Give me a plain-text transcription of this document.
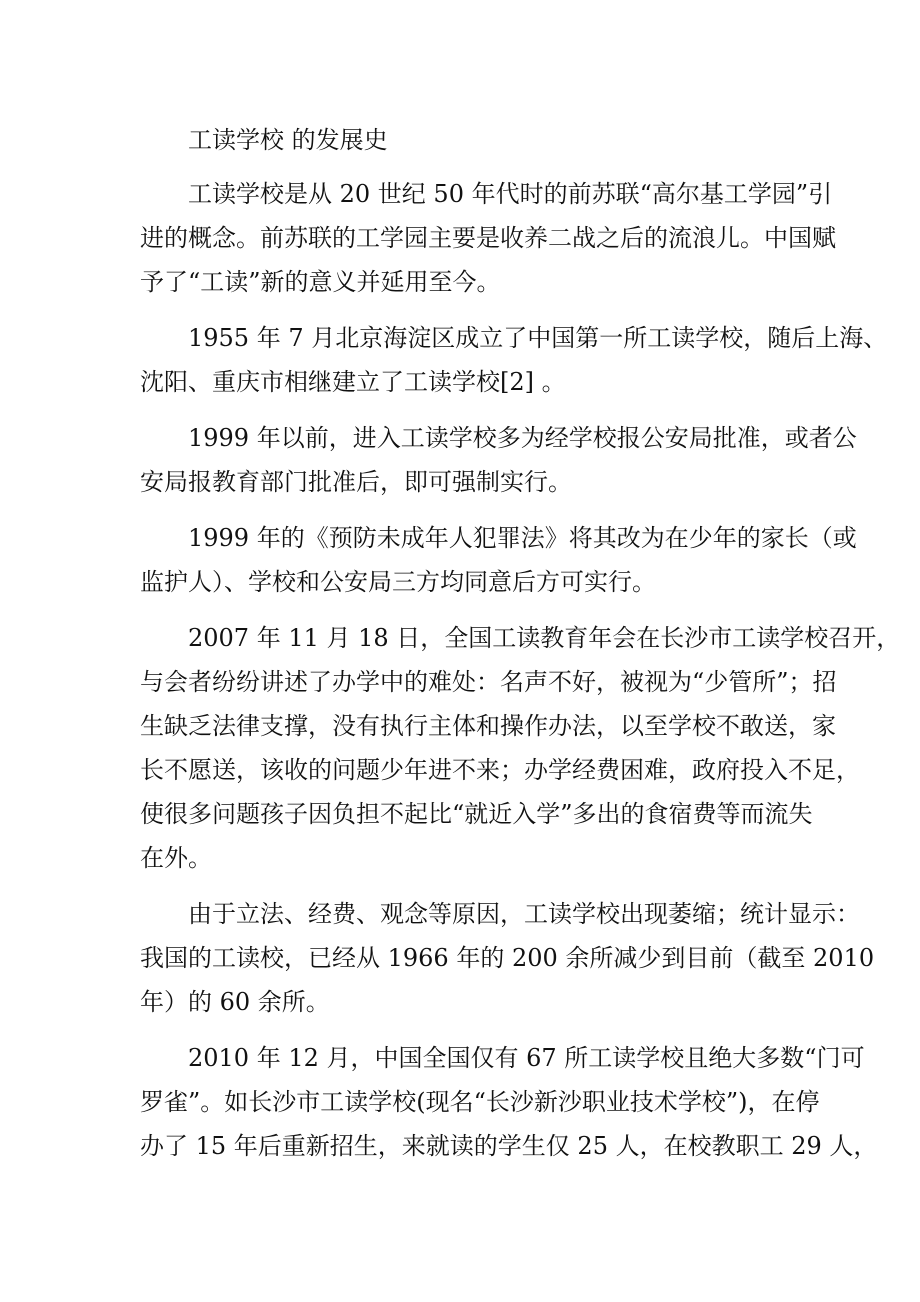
工读学校 的发展史
工读学校是从 20 世纪 50 年代时的前苏联“高尔基工学园”引
进的概念。前苏联的工学园主要是收养二战之后的流浪儿。中国赋
予了“工读”新的意义并延用至今。
1955 年 7 月北京海淀区成立了中国第一所工读学校，随后上海、
沈阳、重庆市相继建立了工读学校[2] 。
1999 年以前，进入工读学校多为经学校报公安局批准，或者公
安局报教育部门批准后，即可强制实行。
1999 年的《预防未成年人犯罪法》将其改为在少年的家长（或
监护人）、学校和公安局三方均同意后方可实行。
2007 年 11 月 18 日，全国工读教育年会在长沙市工读学校召开，
与会者纷纷讲述了办学中的难处：名声不好，被视为“少管所”；招
生缺乏法律支撑，没有执行主体和操作办法，以至学校不敢送，家
长不愿送，该收的问题少年进不来；办学经费困难，政府投入不足，
使很多问题孩子因负担不起比“就近入学”多出的食宿费等而流失
在外。
由于立法、经费、观念等原因，工读学校出现萎缩；统计显示：
我国的工读校，已经从 1966 年的 200 余所减少到目前（截至 2010
年）的 60 余所。
2010 年 12 月，中国全国仅有 67 所工读学校且绝大多数“门可
罗雀”。如长沙市工读学校(现名“长沙新沙职业技术学校”)，在停
办了 15 年后重新招生，来就读的学生仅 25 人，在校教职工 29 人，
